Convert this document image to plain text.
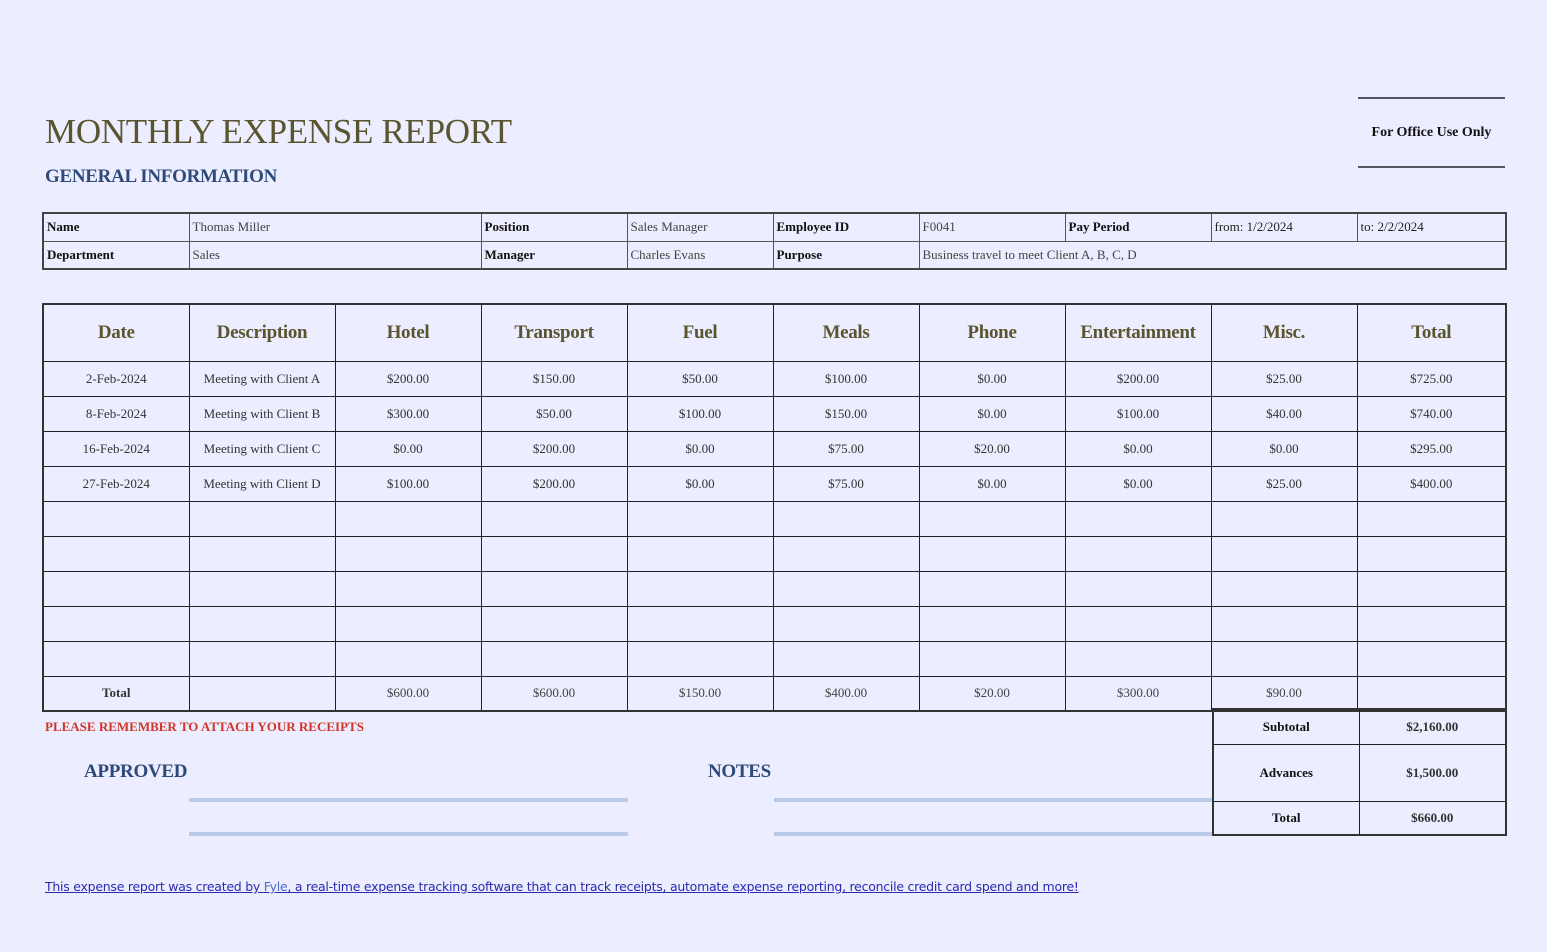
MONTHLY EXPENSE REPORT
GENERAL INFORMATION
For Office Use Only
Name	Thomas Miller	Position	Sales Manager	Employee ID	F0041	Pay Period	from: 1/2/2024	to: 2/2/2024
Department	Sales	Manager	Charles Evans	Purpose	Business travel to meet Client A, B, C, D			
Date	Description	Hotel	Transport	Fuel	Meals	Phone	Entertainment	Misc.	Total
2-Feb-2024	Meeting with Client A	$200.00	$150.00	$50.00	$100.00	$0.00	$200.00	$25.00	$725.00
8-Feb-2024	Meeting with Client B	$300.00	$50.00	$100.00	$150.00	$0.00	$100.00	$40.00	$740.00
16-Feb-2024	Meeting with Client C	$0.00	$200.00	$0.00	$75.00	$20.00	$0.00	$0.00	$295.00
27-Feb-2024	Meeting with Client D	$100.00	$200.00	$0.00	$75.00	$0.00	$0.00	$25.00	$400.00

Total		$600.00	$600.00	$150.00	$400.00	$20.00	$300.00	$90.00	
PLEASE REMEMBER TO ATTACH YOUR RECEIPTS	Subtotal	$2,160.00
Advances	$1,500.00
Total	$660.00
APPROVED	NOTES
This expense report was created by Fyle, a real-time expense tracking software that can track receipts, automate expense reporting, reconcile credit card spend and more!
